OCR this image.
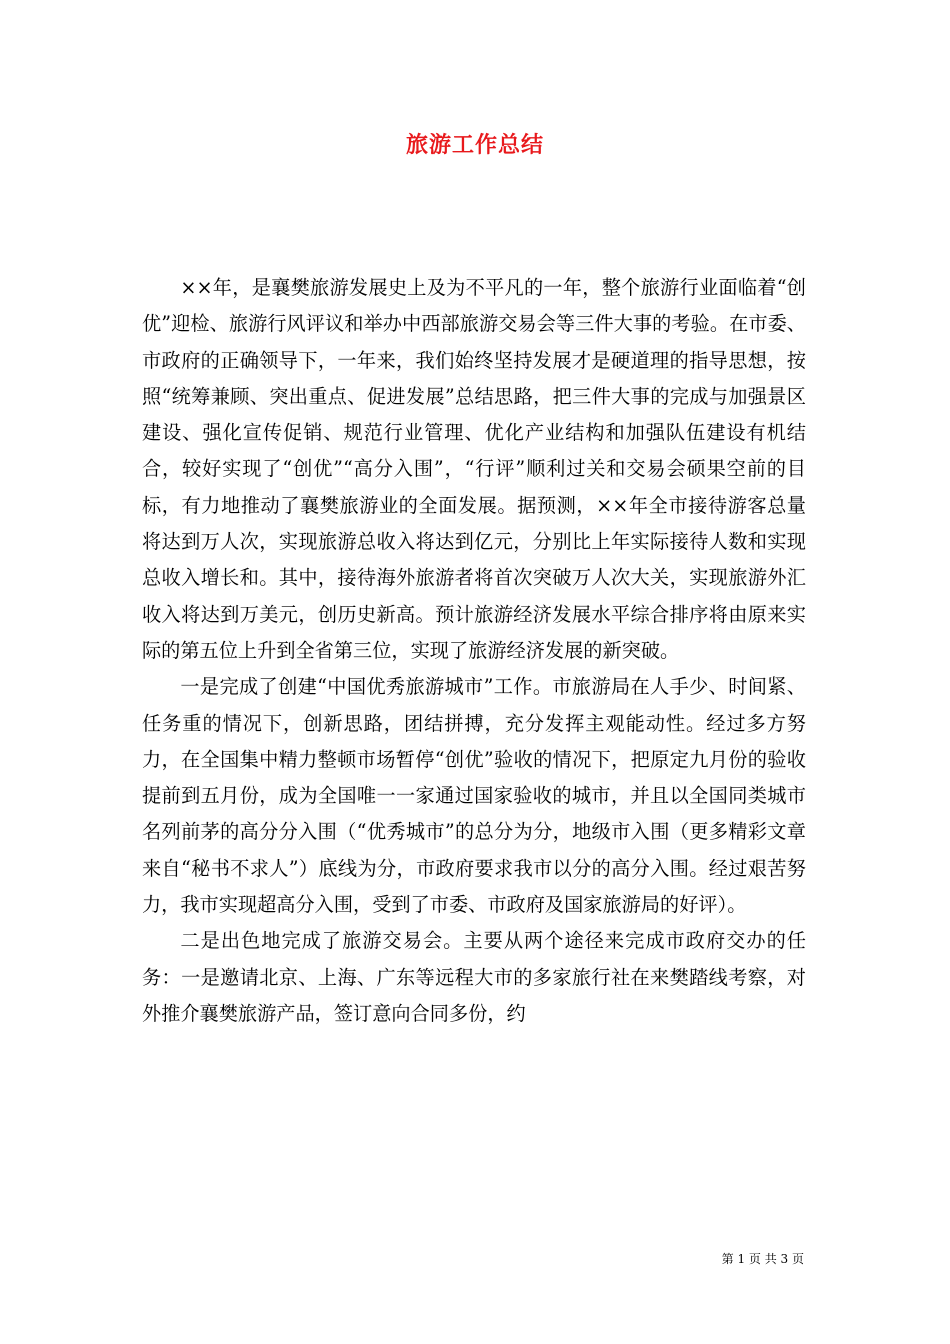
旅游工作总结

××年，是襄樊旅游发展史上及为不平凡的一年，整个旅游行业面临着“创优”迎检、旅游行风评议和举办中西部旅游交易会等三件大事的考验。在市委、市政府的正确领导下，一年来，我们始终坚持发展才是硬道理的指导思想，按照“统筹兼顾、突出重点、促进发展”总结思路，把三件大事的完成与加强景区建设、强化宣传促销、规范行业管理、优化产业结构和加强队伍建设有机结合，较好实现了“创优”“高分入围”，“行评”顺利过关和交易会硕果空前的目标，有力地推动了襄樊旅游业的全面发展。据预测，××年全市接待游客总量将达到万人次，实现旅游总收入将达到亿元，分别比上年实际接待人数和实现总收入增长和。其中，接待海外旅游者将首次突破万人次大关，实现旅游外汇收入将达到万美元，创历史新高。预计旅游经济发展水平综合排序将由原来实际的第五位上升到全省第三位，实现了旅游经济发展的新突破。

一是完成了创建“中国优秀旅游城市”工作。市旅游局在人手少、时间紧、任务重的情况下，创新思路，团结拼搏，充分发挥主观能动性。经过多方努力，在全国集中精力整顿市场暂停“创优”验收的情况下，把原定九月份的验收提前到五月份，成为全国唯一一家通过国家验收的城市，并且以全国同类城市名列前茅的高分分入围（“优秀城市”的总分为分，地级市入围（更多精彩文章来自“秘书不求人”）底线为分，市政府要求我市以分的高分入围。经过艰苦努力，我市实现超高分入围，受到了市委、市政府及国家旅游局的好评）。

二是出色地完成了旅游交易会。主要从两个途径来完成市政府交办的任务：一是邀请北京、上海、广东等远程大市的多家旅行社在来樊踏线考察，对外推介襄樊旅游产品，签订意向合同多份，约

第 1 页 共 3 页
